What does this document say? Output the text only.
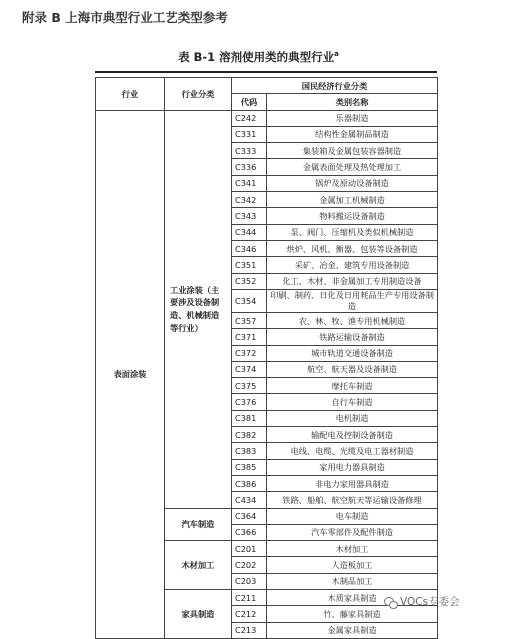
附录 B 上海市典型行业工艺类型参考
表 B-1 溶剂使用类的典型行业$^a$
行业	行业分类	国民经济行业分类	
		代码	类别名称
表面涂装	工业涂装（主要涉及设备制造、机械制造等行业）	C242	乐器制造
		C331	结构性金属制品制造
		C333	集装箱及金属包装容器制造
		C336	金属表面处理及热处理加工
		C341	锅炉及原动设备制造
		C342	金属加工机械制造
		C343	物料搬运设备制造
		C344	泵、阀门、压缩机及类似机械制造
		C346	烘炉、风机、衡器、包装等设备制造
		C351	采矿、冶金、建筑专用设备制造
		C352	化工、木材、非金属加工专用制造设备
		C354	印刷、制药、日化及日用耗品生产专用设备制造
		C357	农、林、牧、渔专用机械制造
		C371	铁路运输设备制造
		C372	城市轨道交通设备制造
		C374	航空、航天器及设备制造
		C375	摩托车制造
		C376	自行车制造
		C381	电机制造
		C382	输配电及控制设备制造
		C383	电线、电缆、光缆及电工器材制造
		C385	家用电力器具制造
		C386	非电力家用器具制造
		C434	铁路、船舶、航空航天等运输设备修理
	汽车制造	C364	电车制造
		C366	汽车零部件及配件制造
	木材加工	C201	木材加工
		C202	人造板加工
		C203	木制品加工
	家具制造	C211	木质家具制造
		C212	竹、藤家具制造
		C213	金属家具制造
VOCs专委会
